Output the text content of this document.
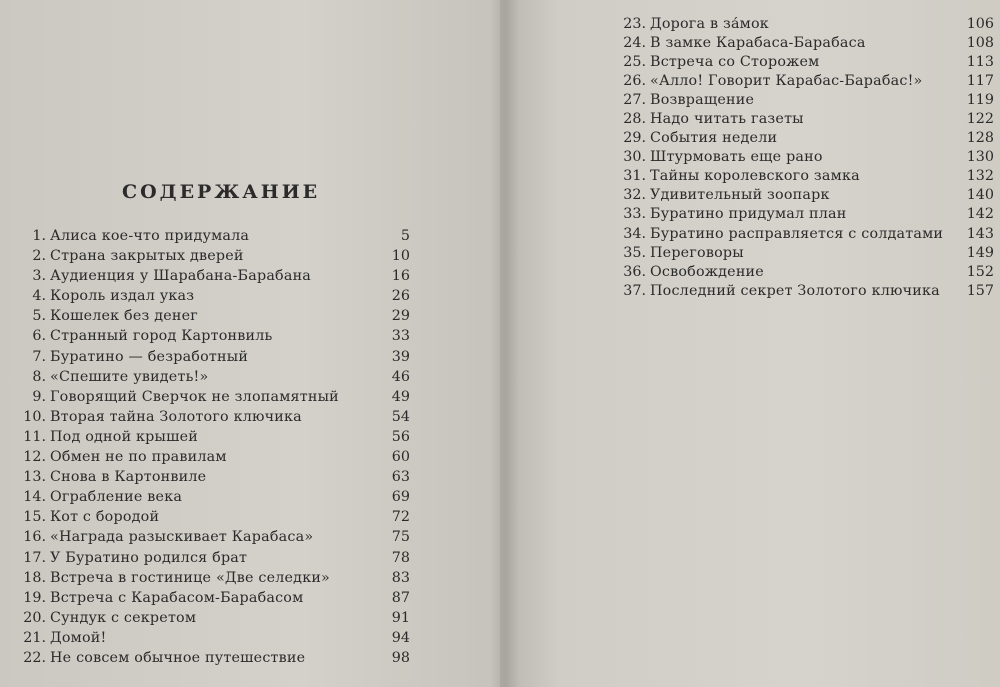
СОДЕРЖАНИЕ
1. Алиса кое-что придумала	5
2. Страна закрытых дверей	10
3. Аудиенция у Шарабана-Барабана	16
4. Король издал указ	26
5. Кошелек без денег	29
6. Странный город Картонвиль	33
7. Буратино — безработный	39
8. «Спешите увидеть!»	46
9. Говорящий Сверчок не злопамятный	49
10. Вторая тайна Золотого ключика	54
11. Под одной крышей	56
12. Обмен не по правилам	60
13. Снова в Картонвиле	63
14. Ограбление века	69
15. Кот с бородой	72
16. «Награда разыскивает Карабаса»	75
17. У Буратино родился брат	78
18. Встреча в гостинице «Две селедки»	83
19. Встреча с Карабасом-Барабасом	87
20. Сундук с секретом	91
21. Домой!	94
22. Не совсем обычное путешествие	98
23. Дорога в за́мок	106
24. В замке Карабаса-Барабаса	108
25. Встреча со Сторожем	113
26. «Алло! Говорит Карабас-Барабас!»	117
27. Возвращение	119
28. Надо читать газеты	122
29. События недели	128
30. Штурмовать еще рано	130
31. Тайны королевского замка	132
32. Удивительный зоопарк	140
33. Буратино придумал план	142
34. Буратино расправляется с солдатами 143
35. Переговоры	149
36. Освобождение	152
37. Последний секрет Золотого ключика 157
